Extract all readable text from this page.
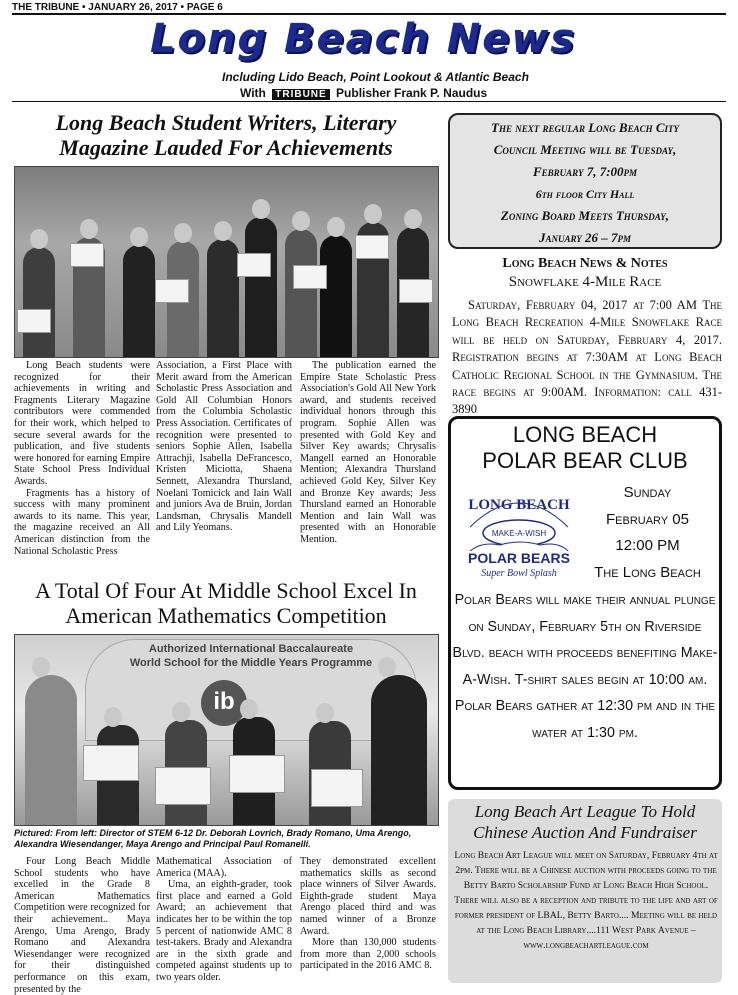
THE TRIBUNE • JANUARY 26, 2017 • PAGE 6
Long Beach News
Including Lido Beach, Point Lookout & Atlantic Beach
With TRIBUNE Publisher Frank P. Naudus
Long Beach Student Writers, Literary Magazine Lauded For Achievements

Long Beach students were recognized for their achievements in writing and Fragments Literary Magazine contributors were commended for their work, which helped to secure several awards for the publication, and five students were honored for earning Empire State School Press Individual Awards.

Fragments has a history of success with many prominent awards to its name. This year, the magazine received an All American distinction from the National Scholastic Press

Association, a First Place with Merit award from the American Scholastic Press Association and Gold All Columbian Honors from the Columbia Scholastic Press Association. Certificates of recognition were presented to seniors Sophie Allen, Isabella Attrachji, Isabella DeFrancesco, Kristen Miciotta, Shaena Sennett, Alexandra Thursland, Noelani Tomicick and Iain Wall and juniors Ava de Bruin, Jordan Landsman, Chrysalis Mandell and Lily Yeomans.

The publication earned the Empire State Scholastic Press Association's Gold All New York award, and students received individual honors through this program. Sophie Allen was presented with Gold Key and Silver Key awards; Chrysalis Mangell earned an Honorable Mention; Alexandra Thursland achieved Gold Key, Silver Key and Bronze Key awards; Jess Thursland earned an Honorable Mention and Iain Wall was presented with an Honorable Mention.

A Total Of Four At Middle School Excel In American Mathematics Competition
Authorized International Baccalaureate
World School for the Middle Years Programme
ib
Pictured: From left: Director of STEM 6-12 Dr. Deborah Lovrich, Brady Romano, Uma Arengo, Alexandra Wiesendanger, Maya Arengo and Principal Paul Romanelli.

Four Long Beach Middle School students who have excelled in the Grade 8 American Mathematics Competition were recognized for their achievement.. Maya Arengo, Uma Arengo, Brady Romano and Alexandra Wiesendanger were recognized for their distinguished performance on this exam, presented by the

Mathematical Association of America (MAA).

Uma, an eighth-grader, took first place and earned a Gold Award; an achievement that indicates her to be within the top 5 percent of nationwide AMC 8 test-takers. Brady and Alexandra are in the sixth grade and competed against students up to two years older.

They demonstrated excellent mathematics skills as second place winners of Silver Awards. Eighth-grade student Maya Arengo placed third and was named winner of a Bronze Award.

More than 130,000 students from more than 2,000 schools participated in the 2016 AMC 8.

The next regular Long Beach City
Council Meeting will be Tuesday,
February 7, 7:00pm
6th floor City Hall
Zoning Board Meets Thursday,
January 26 – 7pm
Long Beach News & Notes
Snowflake 4-Mile Race

Saturday, February 04, 2017 at 7:00 AM The Long Beach Recreation 4-Mile Snowflake Race will be held on Saturday, February 4, 2017. Registration begins at 7:30AM at Long Beach Catholic Regional School in the Gymnasium. The race begins at 9:00AM. Information: call 431- 3890

LONG BEACH
POLAR BEAR CLUB
LONG BEACH
MAKE-A-WISH
POLAR BEARS
Super Bowl Splash
Sunday
February 05
12:00 PM
The Long Beach
Polar Bears will make their annual plunge on Sunday, February 5th on Riverside Blvd. beach with proceeds benefiting Make-A-Wish. T-shirt sales begin at 10:00 am. Polar Bears gather at 12:30 pm and in the water at 1:30 pm.
Long Beach Art League To Hold Chinese Auction And Fundraiser
Long Beach Art League will meet on Saturday, February 4th at 2pm. There will be a Chinese auction with proceeds going to the Betty Barto Scholarship Fund at Long Beach High School. There will also be a reception and tribute to the life and art of former president of LBAL, Betty Barto.... Meeting will be held at the Long Beach Library....111 West Park Avenue – www.longbeachartleague.com
